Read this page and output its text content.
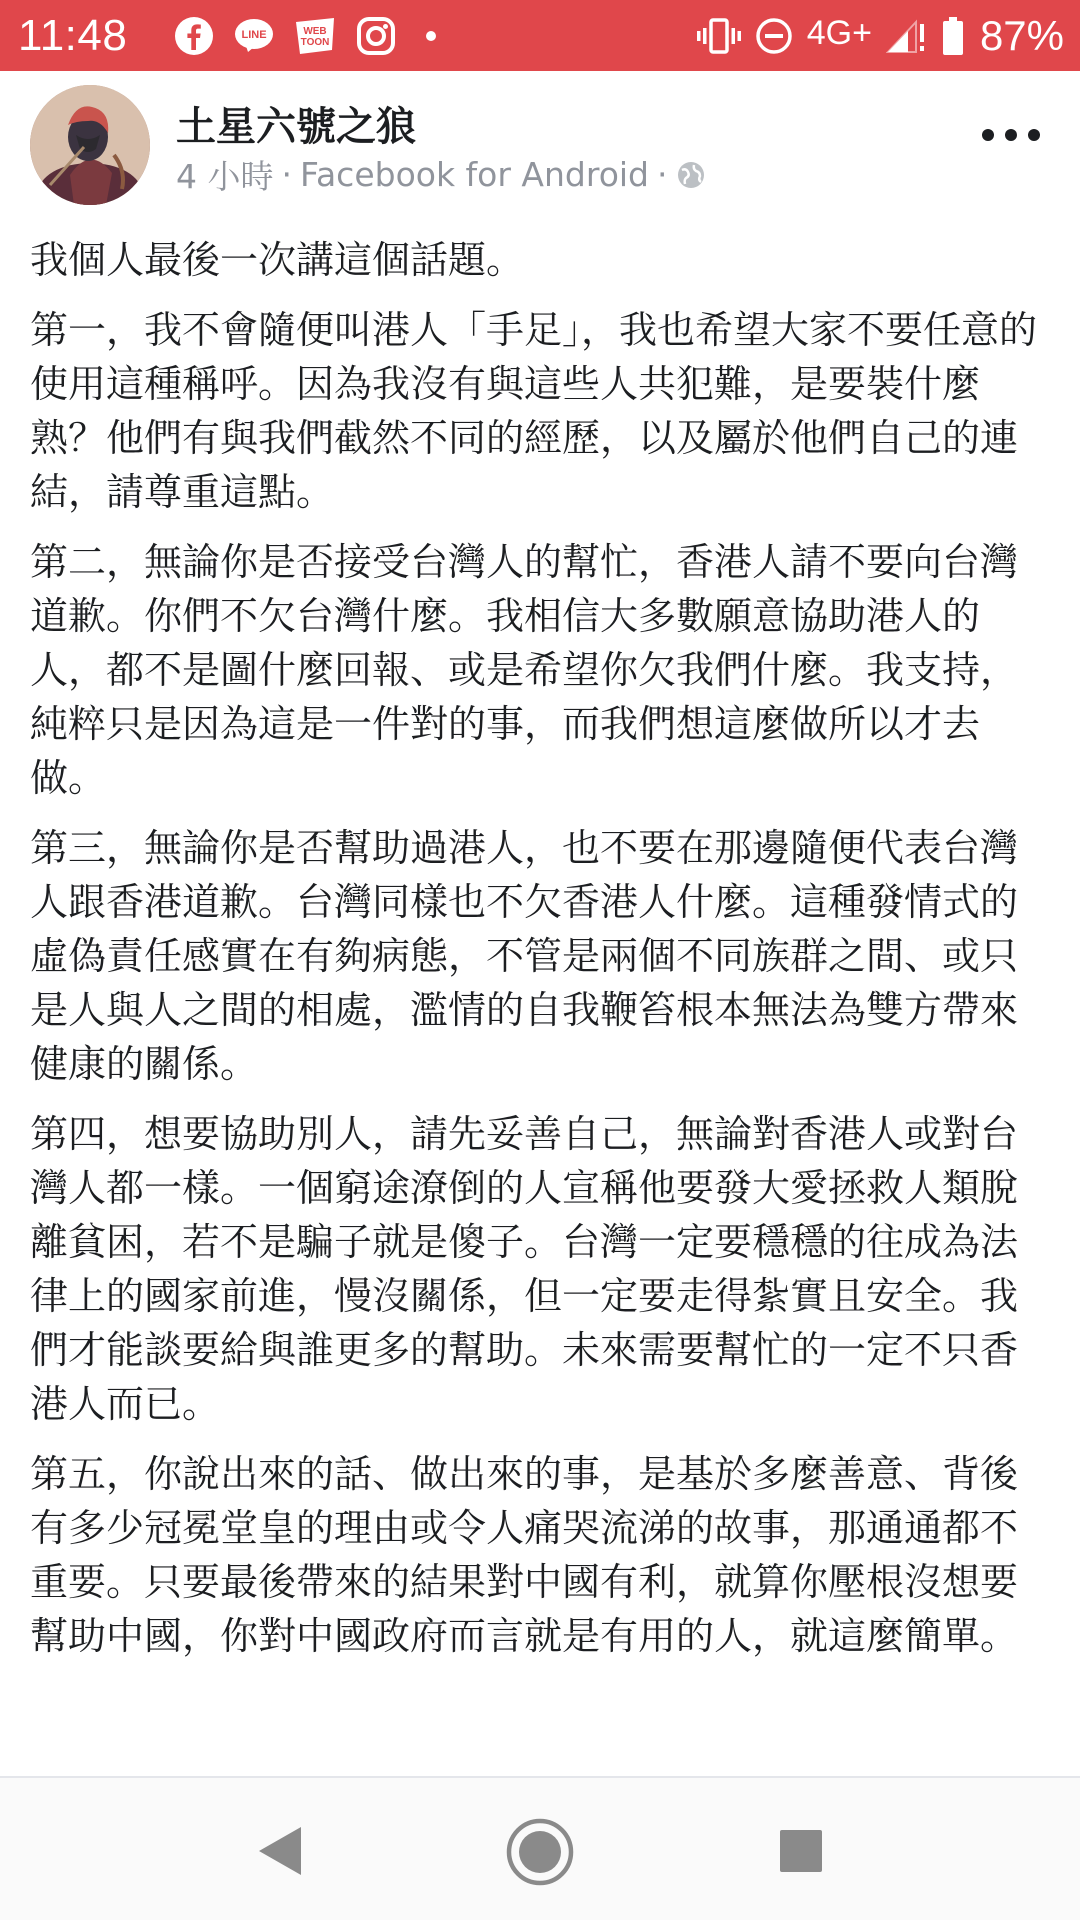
11:48	LINE	WEB
TOON	4G+	87%
土星六號之狼
4 小時 · Facebook for Android ·

我個人最後一次講這個話題。

第一，我不會隨便叫港人「手足」，我也希望大家不要任意的使用這種稱呼。因為我沒有與這些人共犯難，是要裝什麼熟？他們有與我們截然不同的經歷，以及屬於他們自己的連結，請尊重這點。

第二，無論你是否接受台灣人的幫忙，香港人請不要向台灣道歉。你們不欠台灣什麼。我相信大多數願意協助港人的人，都不是圖什麼回報、或是希望你欠我們什麼。我支持，純粹只是因為這是一件對的事，而我們想這麼做所以才去做。

第三，無論你是否幫助過港人，也不要在那邊隨便代表台灣人跟香港道歉。台灣同樣也不欠香港人什麼。這種發情式的虛偽責任感實在有夠病態，不管是兩個不同族群之間、或只是人與人之間的相處，濫情的自我鞭笞根本無法為雙方帶來健康的關係。

第四，想要協助別人，請先妥善自己，無論對香港人或對台灣人都一樣。一個窮途潦倒的人宣稱他要發大愛拯救人類脫離貧困，若不是騙子就是傻子。台灣一定要穩穩的往成為法律上的國家前進，慢沒關係，但一定要走得紮實且安全。我們才能談要給與誰更多的幫助。未來需要幫忙的一定不只香港人而已。

第五，你說出來的話、做出來的事，是基於多麼善意、背後有多少冠冕堂皇的理由或令人痛哭流涕的故事，那通通都不重要。只要最後帶來的結果對中國有利，就算你壓根沒想要幫助中國，你對中國政府而言就是有用的人，就這麼簡單。
